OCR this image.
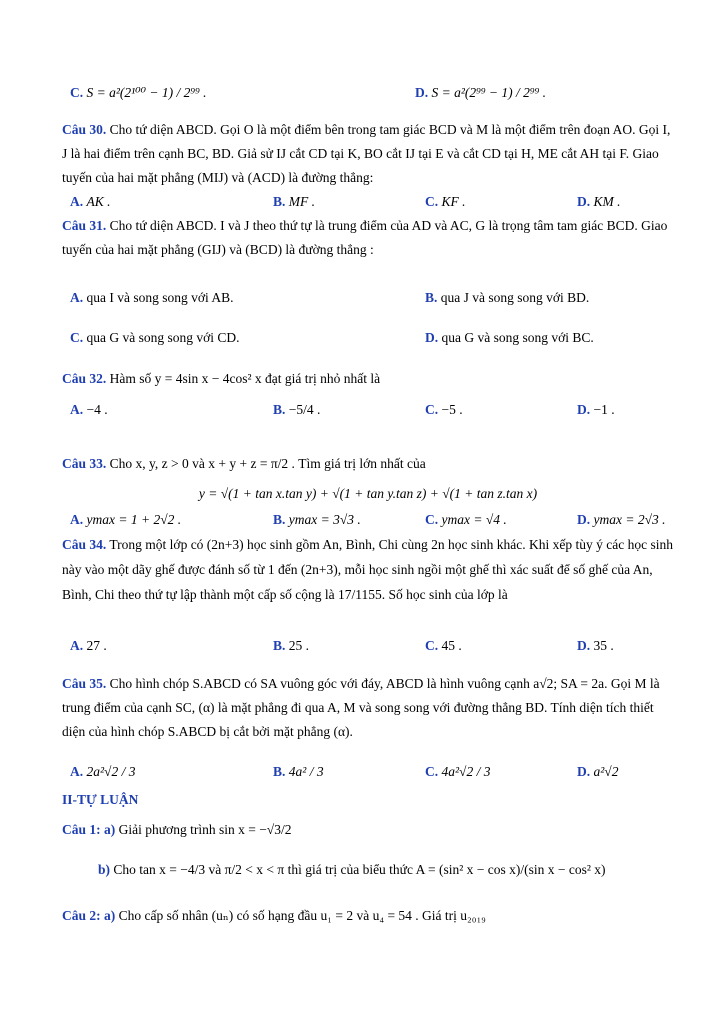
C. S = a²(2¹⁰⁰ − 1) / 2⁹⁹ .	D. S = a²(2⁹⁹ − 1) / 2⁹⁹ .
Câu 30. Cho tứ diện ABCD. Gọi O là một điểm bên trong tam giác BCD và M là một điểm trên đoạn AO. Gọi I, J là hai điểm trên cạnh BC, BD. Giả sử IJ cắt CD tại K, BO cắt IJ tại E và cắt CD tại H, ME cắt AH tại F. Giao tuyến của hai mặt phẳng (MIJ) và (ACD) là đường thẳng:
A. AK .	B. MF .	C. KF .	D. KM .
Câu 31. Cho tứ diện ABCD. I và J theo thứ tự là trung điểm của AD và AC, G là trọng tâm tam giác BCD. Giao tuyến của hai mặt phẳng (GIJ) và (BCD) là đường thẳng :
A. qua I và song song với AB.	B. qua J và song song với BD.
C. qua G và song song với CD.	D. qua G và song song với BC.
Câu 32. Hàm số y = 4sin x − 4cos² x đạt giá trị nhỏ nhất là
A. −4 .	B. −5/4 .	C. −5 .	D. −1 .
Câu 33. Cho x, y, z > 0 và x + y + z = π/2 . Tìm giá trị lớn nhất của
y = √(1 + tan x.tan y) + √(1 + tan y.tan z) + √(1 + tan z.tan x)
A. ymax = 1 + 2√2 .	B. ymax = 3√3 .	C. ymax = √4 .	D. ymax = 2√3 .
Câu 34. Trong một lớp có (2n+3) học sinh gồm An, Bình, Chi cùng 2n học sinh khác. Khi xếp tùy ý các học sinh này vào một dãy ghế được đánh số từ 1 đến (2n+3), mỗi học sinh ngồi một ghế thì xác suất để số ghế của An, Bình, Chi theo thứ tự lập thành một cấp số cộng là 17/1155. Số học sinh của lớp là
A. 27 .	B. 25 .	C. 45 .	D. 35 .
Câu 35. Cho hình chóp S.ABCD có SA vuông góc với đáy, ABCD là hình vuông cạnh a√2; SA = 2a. Gọi M là trung điểm của cạnh SC, (α) là mặt phẳng đi qua A, M và song song với đường thẳng BD. Tính diện tích thiết diện của hình chóp S.ABCD bị cắt bởi mặt phẳng (α).
A. 2a²√2 / 3	B. 4a² / 3	C. 4a²√2 / 3	D. a²√2
II-TỰ LUẬN
Câu 1: a) Giải phương trình sin x = −√3/2
b) Cho tan x = −4/3 và π/2 < x < π thì giá trị của biểu thức A = (sin² x − cos x)/(sin x − cos² x)
Câu 2: a) Cho cấp số nhân (uₙ) có số hạng đầu u₁ = 2 và u₄ = 54 . Giá trị u₂₀₁₉
